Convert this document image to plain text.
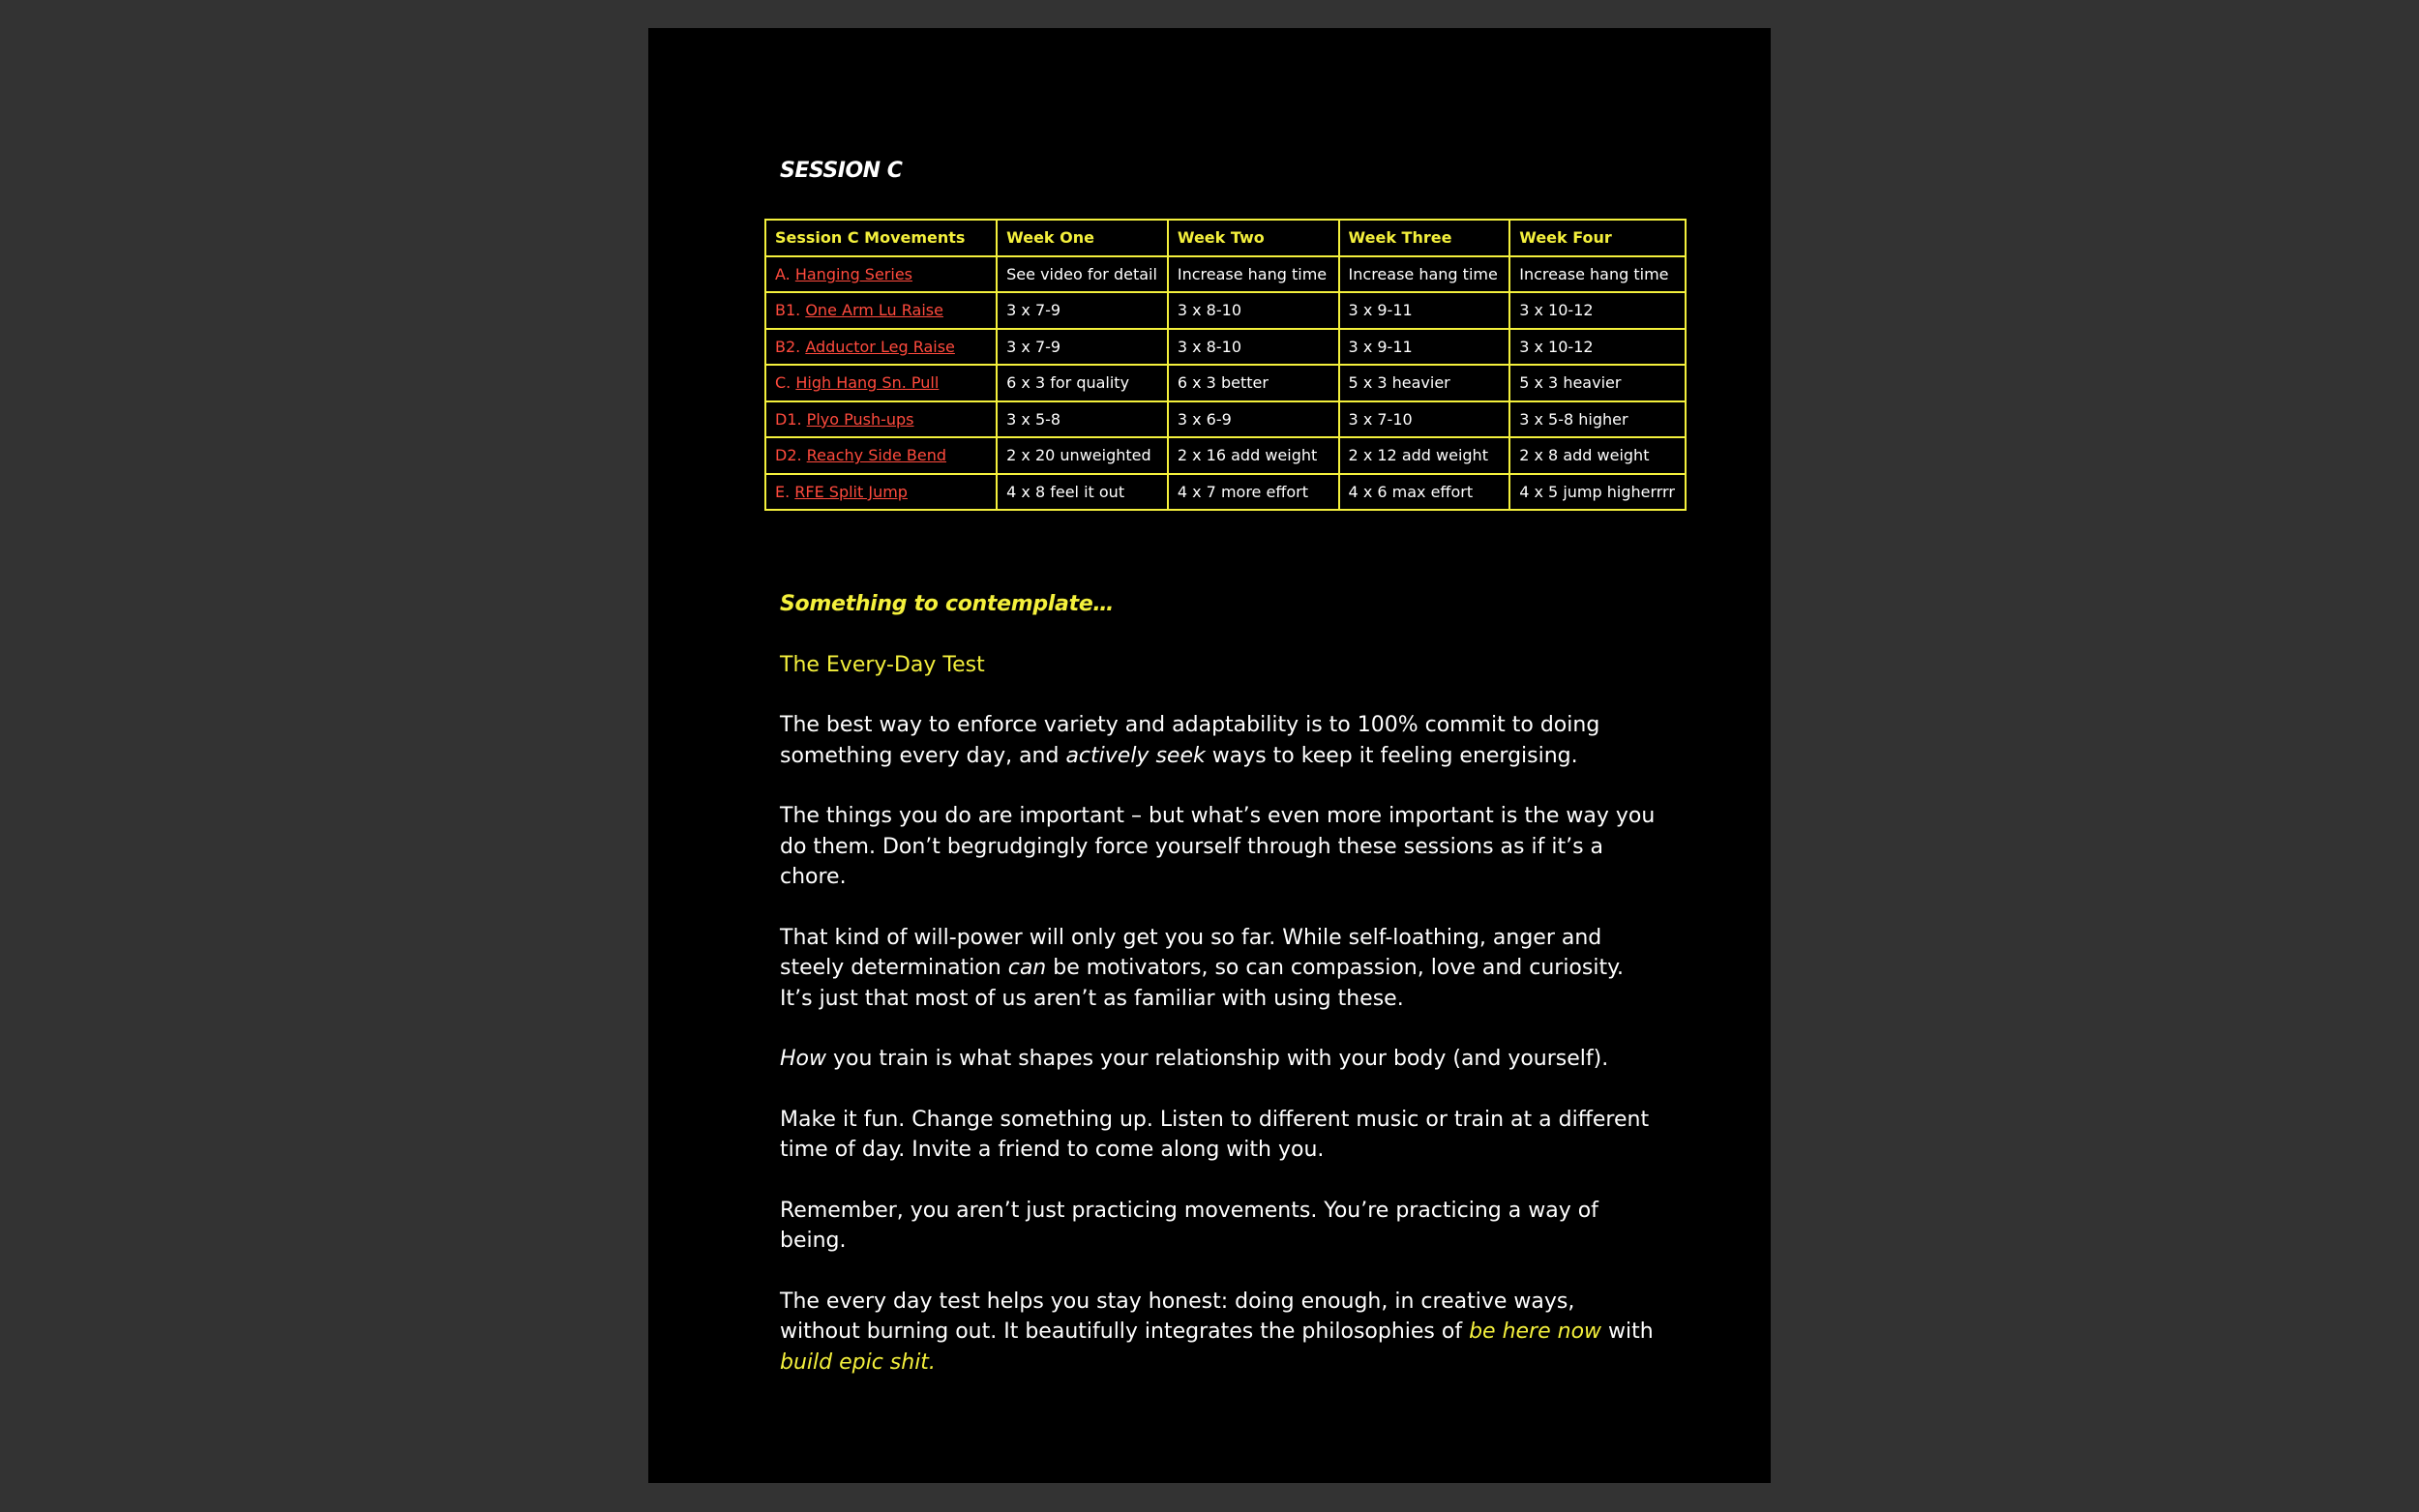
SESSION C
Session C Movements	Week One	Week Two	Week Three	Week Four
A. Hanging Series	See video for detail	Increase hang time	Increase hang time	Increase hang time
B1. One Arm Lu Raise	3 x 7-9	3 x 8-10	3 x 9-11	3 x 10-12
B2. Adductor Leg Raise	3 x 7-9	3 x 8-10	3 x 9-11	3 x 10-12
C. High Hang Sn. Pull	6 x 3 for quality	6 x 3 better	5 x 3 heavier	5 x 3 heavier
D1. Plyo Push-ups	3 x 5-8	3 x 6-9	3 x 7-10	3 x 5-8 higher
D2. Reachy Side Bend	2 x 20 unweighted	2 x 16 add weight	2 x 12 add weight	2 x 8 add weight
E. RFE Split Jump	4 x 8 feel it out	4 x 7 more effort	4 x 6 max effort	4 x 5 jump higherrrr

Something to contemplate…

The Every-Day Test

The best way to enforce variety and adaptability is to 100% commit to doing something every day, and actively seek ways to keep it feeling energising.

The things you do are important – but what’s even more important is the way you do them. Don’t begrudgingly force yourself through these sessions as if it’s a chore.

That kind of will-power will only get you so far. While self-loathing, anger and steely determination can be motivators, so can compassion, love and curiosity. It’s just that most of us aren’t as familiar with using these.

How you train is what shapes your relationship with your body (and yourself).

Make it fun. Change something up. Listen to different music or train at a different time of day. Invite a friend to come along with you.

Remember, you aren’t just practicing movements. You’re practicing a way of being.

The every day test helps you stay honest: doing enough, in creative ways, without burning out. It beautifully integrates the philosophies of be here now with build epic shit.
